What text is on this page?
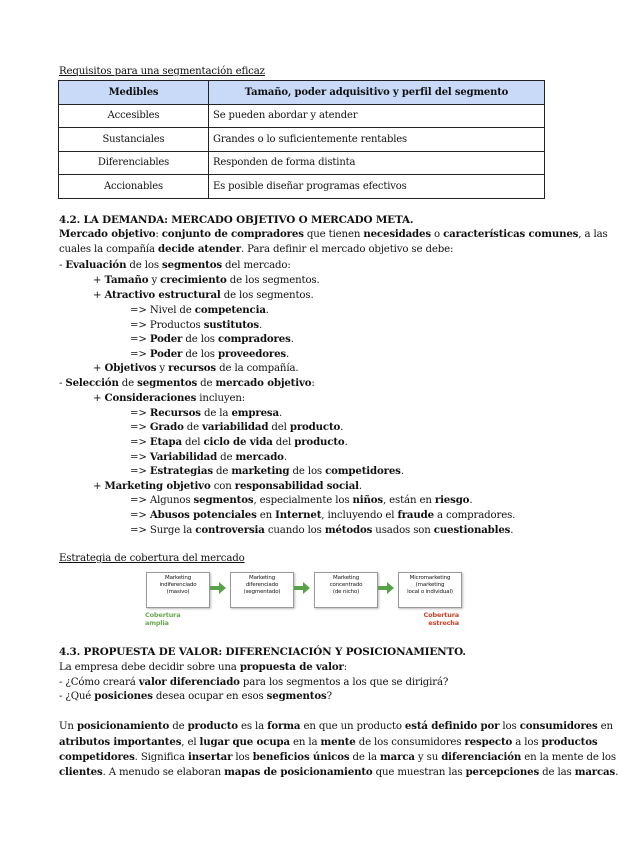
Requisitos para una segmentación eficaz
Medibles	Tamaño, poder adquisitivo y perfil del segmento
Accesibles	Se pueden abordar y atender
Sustanciales	Grandes o lo suficientemente rentables
Diferenciables	Responden de forma distinta
Accionables	Es posible diseñar programas efectivos
4.2. LA DEMANDA: MERCADO OBJETIVO O MERCADO META.
Mercado objetivo: conjunto de compradores que tienen necesidades o características comunes, a las
cuales la compañía decide atender. Para definir el mercado objetivo se debe:
- Evaluación de los segmentos del mercado:
+ Tamaño y crecimiento de los segmentos.
+ Atractivo estructural de los segmentos.
=> Nivel de competencia.
=> Productos sustitutos.
=> Poder de los compradores.
=> Poder de los proveedores.
+ Objetivos y recursos de la compañía.
- Selección de segmentos de mercado objetivo:
+ Consideraciones incluyen:
=> Recursos de la empresa.
=> Grado de variabilidad del producto.
=> Etapa del ciclo de vida del producto.
=> Variabilidad de mercado.
=> Estrategias de marketing de los competidores.
+ Marketing objetivo con responsabilidad social.
=> Algunos segmentos, especialmente los niños, están en riesgo.
=> Abusos potenciales en Internet, incluyendo el fraude a compradores.
=> Surge la controversia cuando los métodos usados son cuestionables.
Estrategia de cobertura del mercado
Marketing
indiferenciado
(masivo)
Marketing
diferenciado
(segmentado)
Marketing
concentrado
(de nicho)
Micromarketing
(marketing
local o individual)
Cobertura
amplia
Cobertura
estrecha
4.3. PROPUESTA DE VALOR: DIFERENCIACIÓN Y POSICIONAMIENTO.
La empresa debe decidir sobre una propuesta de valor:
- ¿Cómo creará valor diferenciado para los segmentos a los que se dirigirá?
- ¿Qué posiciones desea ocupar en esos segmentos?
Un posicionamiento de producto es la forma en que un producto está definido por los consumidores en
atributos importantes, el lugar que ocupa en la mente de los consumidores respecto a los productos
competidores. Significa insertar los beneficios únicos de la marca y su diferenciación en la mente de los
clientes. A menudo se elaboran mapas de posicionamiento que muestran las percepciones de las marcas.
